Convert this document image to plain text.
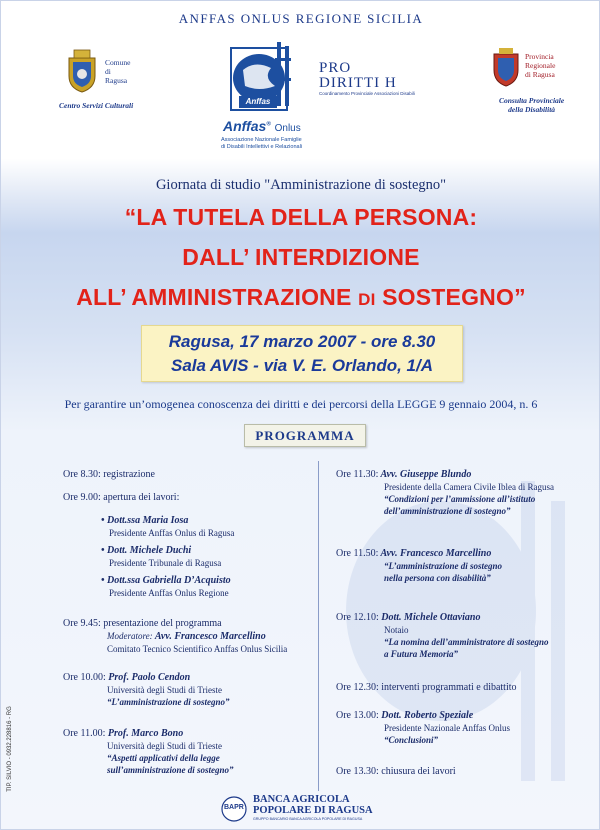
ANFFAS ONLUS REGIONE SICILIA
Comune
di
Ragusa
Centro Servizi Culturali	Anffas
Anffas® Onlus
Associazione Nazionale Famiglie
di Disabili Intellettivi e Relazionali
PRO
DIRITTI H
Coordinamento Provinciale Associazioni Disabili
Provincia
Regionale
di Ragusa
Consulta Provinciale
della Disabilità
Giornata di studio "Amministrazione di sostegno"
“LA TUTELA DELLA PERSONA:
DALL’ INTERDIZIONE
ALL’ AMMINISTRAZIONE DI SOSTEGNO”
Ragusa, 17 marzo 2007 - ore 8.30
Sala AVIS - via V. E. Orlando, 1/A
Per garantire un’omogenea conoscenza dei diritti e dei percorsi della LEGGE 9 gennaio 2004, n. 6
PROGRAMMA
Ore 8.30: registrazione
Ore 9.00: apertura dei lavori:
• Dott.ssa Maria Iosa
Presidente Anffas Onlus di Ragusa
• Dott. Michele Duchi
Presidente Tribunale di Ragusa
• Dott.ssa Gabriella D’Acquisto
Presidente Anffas Onlus Regione
Ore 9.45: presentazione del programma
Moderatore: Avv. Francesco Marcellino
Comitato Tecnico Scientifico Anffas Onlus Sicilia
Ore 10.00: Prof. Paolo Cendon
Università degli Studi di Trieste
“L’amministrazione di sostegno”
Ore 11.00: Prof. Marco Bono
Università degli Studi di Trieste
“Aspetti applicativi della legge
sull’amministrazione di sostegno”
Ore 11.30: Avv. Giuseppe Blundo
Presidente della Camera Civile Iblea di Ragusa
“Condizioni per l’ammissione all’istituto
dell’amministrazione di sostegno”
Ore 11.50: Avv. Francesco Marcellino
“L’amministrazione di sostegno
nella persona con disabilità”
Ore 12.10: Dott. Michele Ottaviano
Notaio
“La nomina dell’amministratore di sostegno
a Futura Memoria”
Ore 12.30: interventi programmati e dibattito
Ore 13.00: Dott. Roberto Speziale
Presidente Nazionale Anffas Onlus
“Conclusioni”
Ore 13.30: chiusura dei lavori
TIP. SILVIO - 0932.228816 - RG
BAPR
BANCA AGRICOLA
POPOLARE DI RAGUSA
GRUPPO BANCARIO BANCA AGRICOLA POPOLARE DI RAGUSA
